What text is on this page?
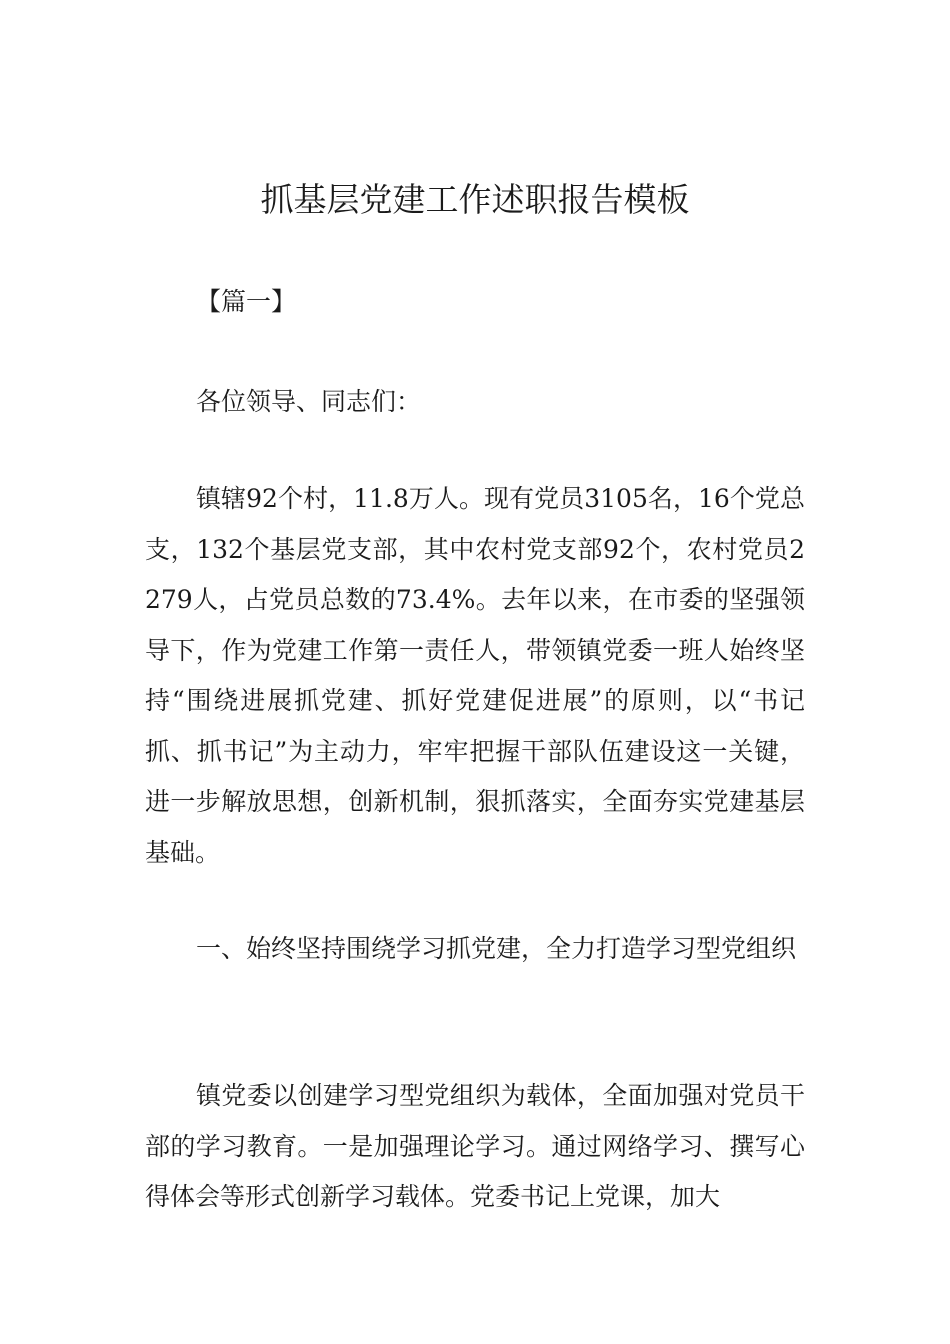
抓基层党建工作述职报告模板

【篇一】

各位领导、同志们：

镇辖92个村，11.8万人。现有党员3105名，16个党总支，132个基层党支部，其中农村党支部92个，农村党员2279人，占党员总数的73.4%。去年以来，在市委的坚强领导下，作为党建工作第一责任人，带领镇党委一班人始终坚持“围绕进展抓党建、抓好党建促进展”的原则，以“书记抓、抓书记”为主动力，牢牢把握干部队伍建设这一关键，进一步解放思想，创新机制，狠抓落实，全面夯实党建基层基础。

一、始终坚持围绕学习抓党建，全力打造学习型党组织

镇党委以创建学习型党组织为载体，全面加强对党员干部的学习教育。一是加强理论学习。通过网络学习、撰写心得体会等形式创新学习载体。党委书记上党课，加大
